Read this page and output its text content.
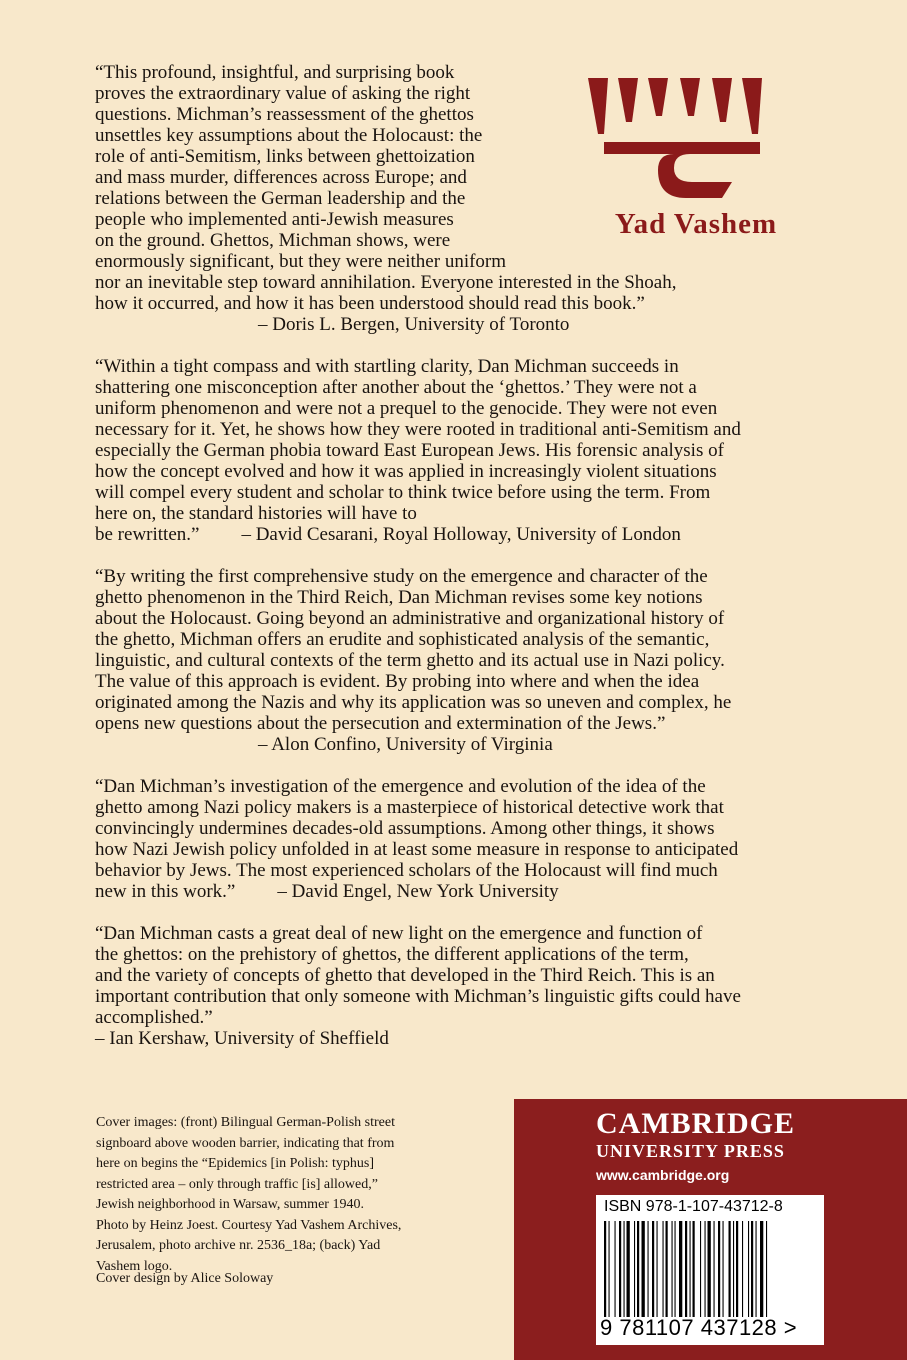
Yad Vashem
“This profound, insightful, and surprising book
proves the extraordinary value of asking the right
questions. Michman’s reassessment of the ghettos
unsettles key assumptions about the Holocaust: the
role of anti-Semitism, links between ghettoization
and mass murder, differences across Europe; and
relations between the German leadership and the
people who implemented anti-Jewish measures
on the ground. Ghettos, Michman shows, were
enormously significant, but they were neither uniform
nor an inevitable step toward annihilation. Everyone interested in the Shoah,
how it occurred, and how it has been understood should read this book.”
– Doris L. Bergen, University of Toronto
“Within a tight compass and with startling clarity, Dan Michman succeeds in
shattering one misconception after another about the ‘ghettos.’ They were not a
uniform phenomenon and were not a prequel to the genocide. They were not even
necessary for it. Yet, he shows how they were rooted in traditional anti-Semitism and
especially the German phobia toward East European Jews. His forensic analysis of
how the concept evolved and how it was applied in increasingly violent situations
will compel every student and scholar to think twice before using the term. From
here on, the standard histories will have to
be rewritten.” – David Cesarani, Royal Holloway, University of London
“By writing the first comprehensive study on the emergence and character of the
ghetto phenomenon in the Third Reich, Dan Michman revises some key notions
about the Holocaust. Going beyond an administrative and organizational history of
the ghetto, Michman offers an erudite and sophisticated analysis of the semantic,
linguistic, and cultural contexts of the term ghetto and its actual use in Nazi policy.
The value of this approach is evident. By probing into where and when the idea
originated among the Nazis and why its application was so uneven and complex, he
opens new questions about the persecution and extermination of the Jews.”
– Alon Confino, University of Virginia
“Dan Michman’s investigation of the emergence and evolution of the idea of the
ghetto among Nazi policy makers is a masterpiece of historical detective work that
convincingly undermines decades-old assumptions. Among other things, it shows
how Nazi Jewish policy unfolded in at least some measure in response to anticipated
behavior by Jews. The most experienced scholars of the Holocaust will find much
new in this work.” – David Engel, New York University
“Dan Michman casts a great deal of new light on the emergence and function of
the ghettos: on the prehistory of ghettos, the different applications of the term,
and the variety of concepts of ghetto that developed in the Third Reich. This is an
important contribution that only someone with Michman’s linguistic gifts could have
accomplished.”
– Ian Kershaw, University of Sheffield
Cover images: (front) Bilingual German-Polish street
signboard above wooden barrier, indicating that from
here on begins the “Epidemics [in Polish: typhus]
restricted area – only through traffic [is] allowed,”
Jewish neighborhood in Warsaw, summer 1940.
Photo by Heinz Joest. Courtesy Yad Vashem Archives,
Jerusalem, photo archive nr. 2536_18a; (back) Yad
Vashem logo.
Cover design by Alice Soloway
CAMBRIDGE
UNIVERSITY PRESS
www.cambridge.org
ISBN 978-1-107-43712-8
9 781107 437128 >
